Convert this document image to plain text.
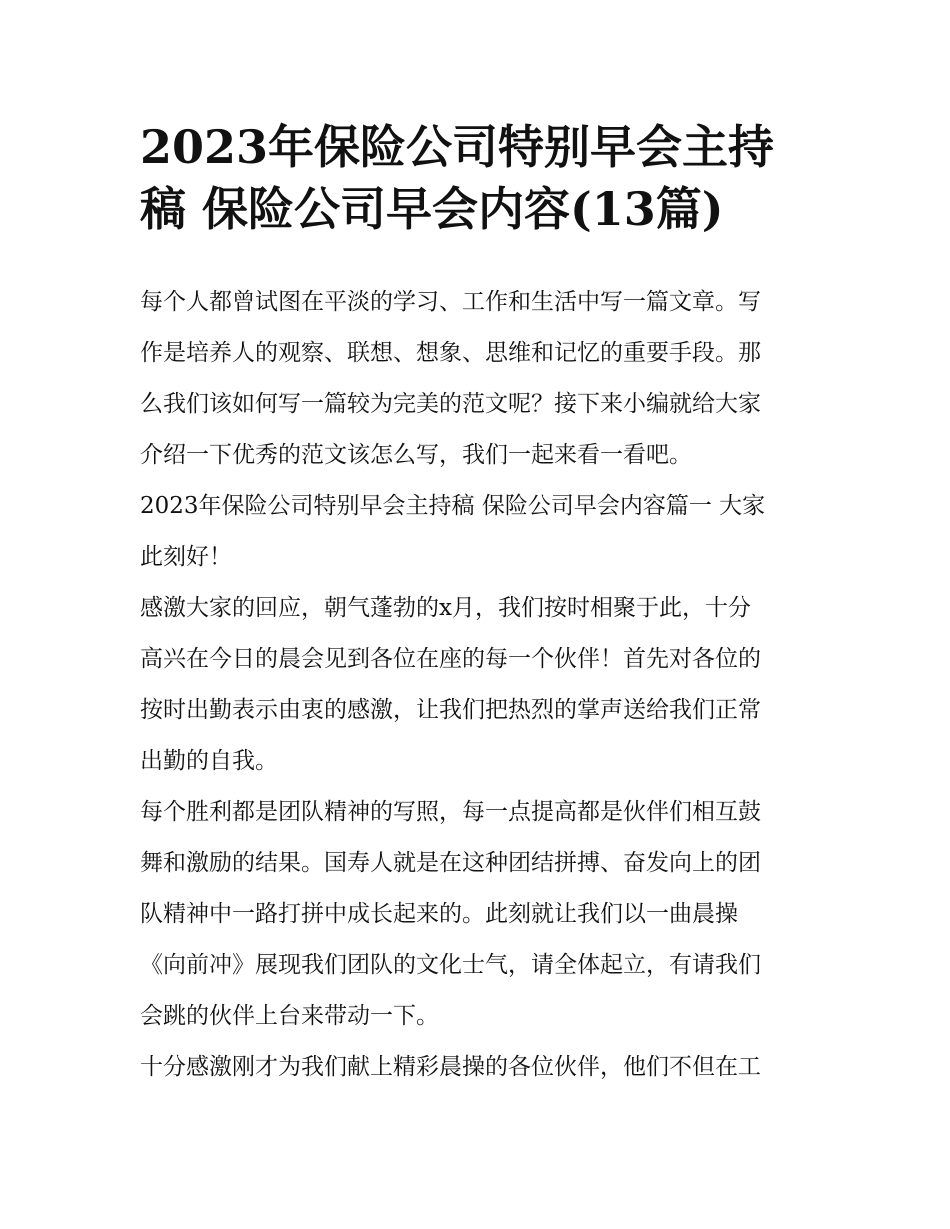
2023年保险公司特别早会主持
稿 保险公司早会内容(13篇)
每个人都曾试图在平淡的学习、工作和生活中写一篇文章。写
作是培养人的观察、联想、想象、思维和记忆的重要手段。那
么我们该如何写一篇较为完美的范文呢？接下来小编就给大家
介绍一下优秀的范文该怎么写，我们一起来看一看吧。
2023年保险公司特别早会主持稿 保险公司早会内容篇一 大家
此刻好！
感激大家的回应，朝气蓬勃的x月，我们按时相聚于此，十分
高兴在今日的晨会见到各位在座的每一个伙伴！首先对各位的
按时出勤表示由衷的感激，让我们把热烈的掌声送给我们正常
出勤的自我。
每个胜利都是团队精神的写照，每一点提高都是伙伴们相互鼓
舞和激励的结果。国寿人就是在这种团结拼搏、奋发向上的团
队精神中一路打拼中成长起来的。此刻就让我们以一曲晨操
《向前冲》展现我们团队的文化士气，请全体起立，有请我们
会跳的伙伴上台来带动一下。
十分感激刚才为我们献上精彩晨操的各位伙伴，他们不但在工
